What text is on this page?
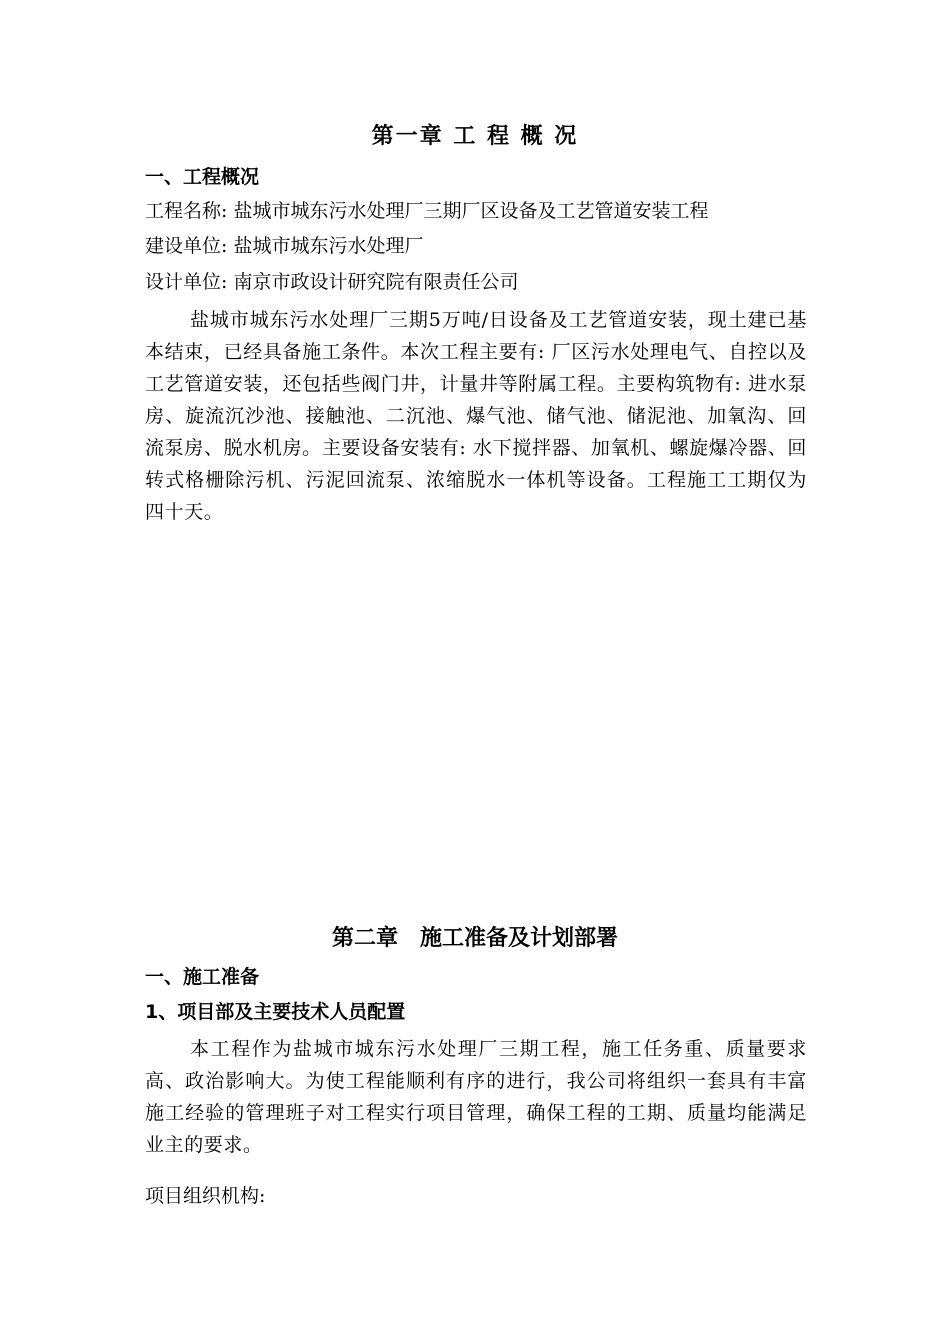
第一章 工 程 概 况
一、工程概况
工程名称: 盐城市城东污水处理厂三期厂区设备及工艺管道安装工程
建设单位: 盐城市城东污水处理厂
设计单位: 南京市政设计研究院有限责任公司
盐城市城东污水处理厂三期5万吨/日设备及工艺管道安装，现土建已基本结束，已经具备施工条件。本次工程主要有: 厂区污水处理电气、自控以及工艺管道安装，还包括些阀门井，计量井等附属工程。主要构筑物有: 进水泵房、旋流沉沙池、接触池、二沉池、爆气池、储气池、储泥池、加氧沟、回流泵房、脱水机房。主要设备安装有: 水下搅拌器、加氧机、螺旋爆冷器、回转式格栅除污机、污泥回流泵、浓缩脱水一体机等设备。工程施工工期仅为四十天。
第二章　施工准备及计划部署
一、施工准备
1、项目部及主要技术人员配置
本工程作为盐城市城东污水处理厂三期工程，施工任务重、质量要求高、政治影响大。为使工程能顺利有序的进行，我公司将组织一套具有丰富施工经验的管理班子对工程实行项目管理，确保工程的工期、质量均能满足业主的要求。
项目组织机构:
